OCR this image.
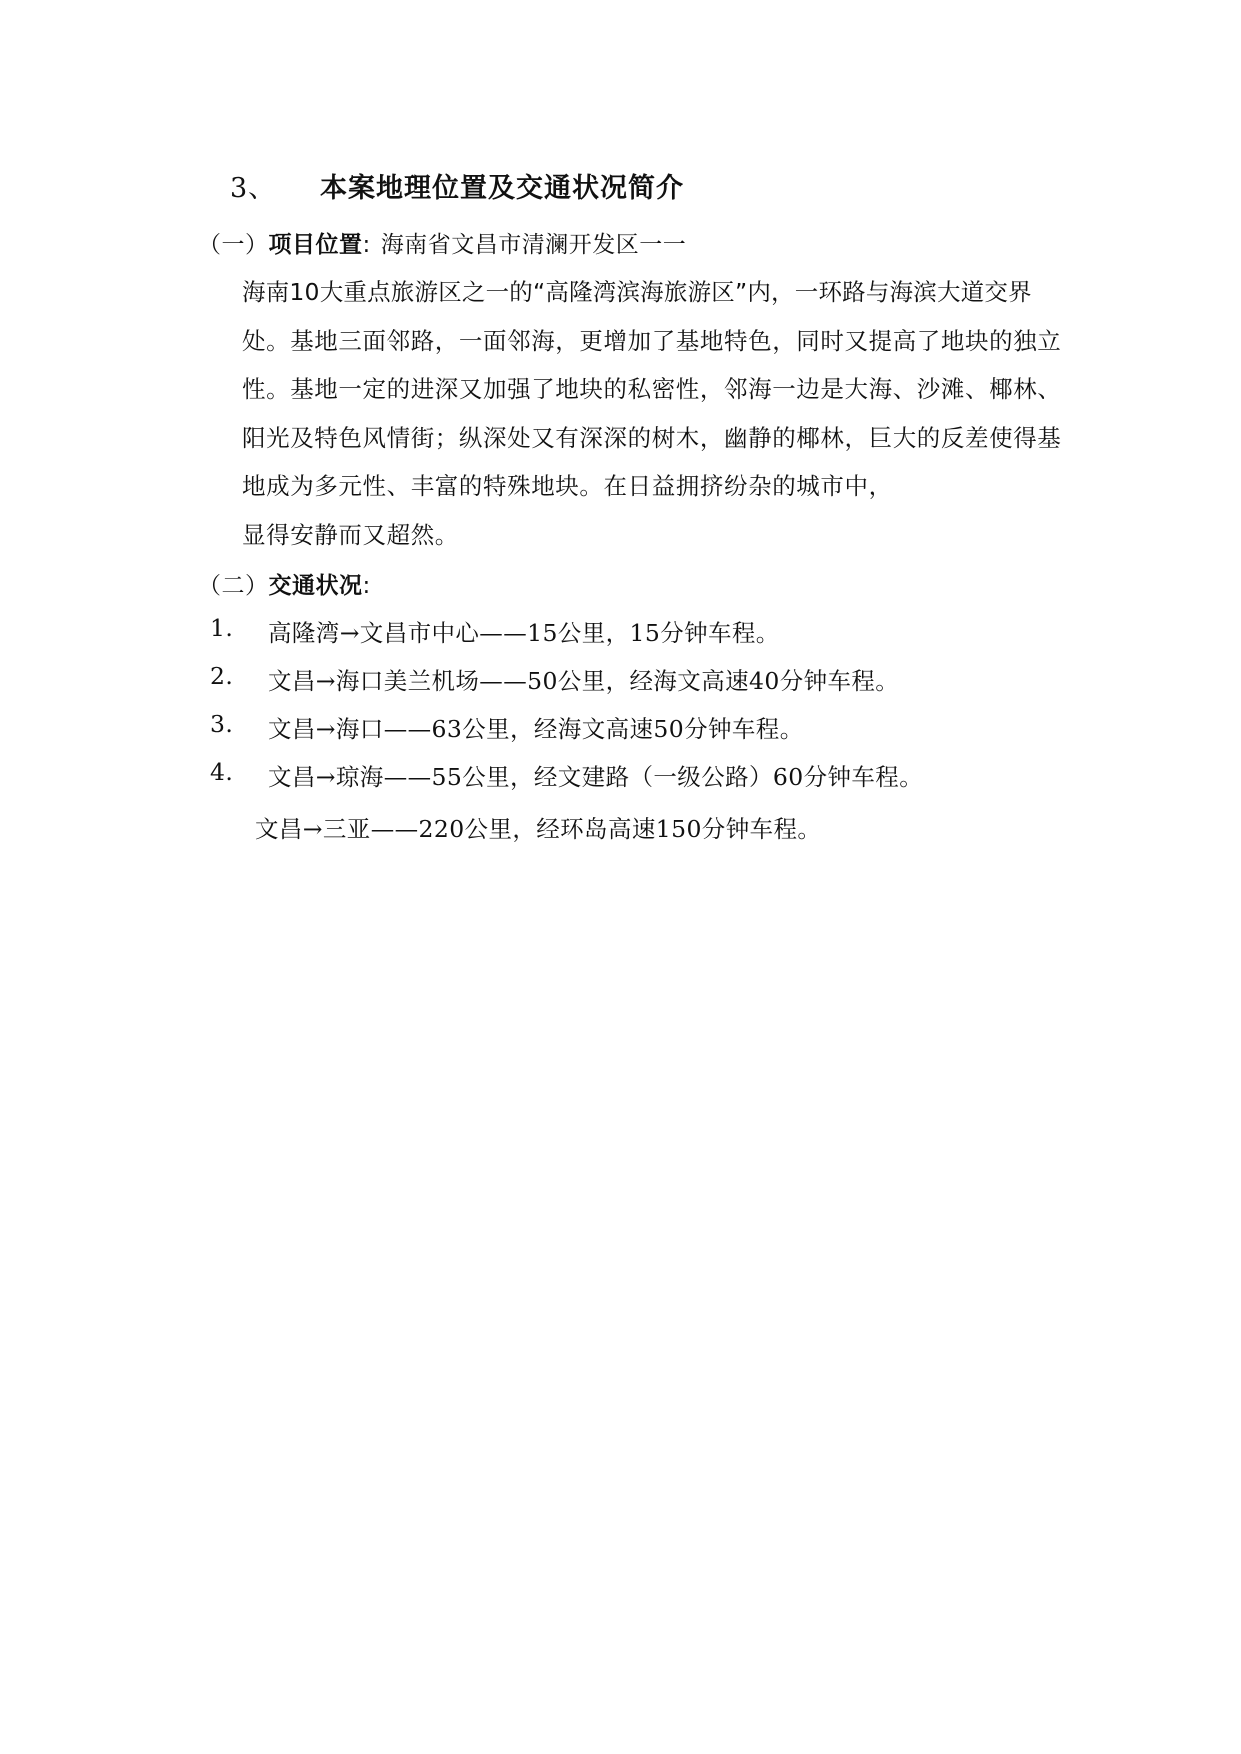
3、 本案地理位置及交通状况简介
（一）项目位置: 海南省文昌市清澜开发区一一
海南10大重点旅游区之一的“高隆湾滨海旅游区”内，一环路与海滨大道交界
处。基地三面邻路，一面邻海，更增加了基地特色，同时又提高了地块的独立
性。基地一定的进深又加强了地块的私密性，邻海一边是大海、沙滩、椰林、
阳光及特色风情街；纵深处又有深深的树木，幽静的椰林，巨大的反差使得基
地成为多元性、丰富的特殊地块。在日益拥挤纷杂的城市中，
显得安静而又超然。
（二）交通状况:
1. 高隆湾→文昌市中心——15公里，15分钟车程。
2. 文昌→海口美兰机场——50公里，经海文高速40分钟车程。
3. 文昌→海口——63公里，经海文高速50分钟车程。
4. 文昌→琼海——55公里，经文建路（一级公路）60分钟车程。
文昌→三亚——220公里，经环岛高速150分钟车程。
